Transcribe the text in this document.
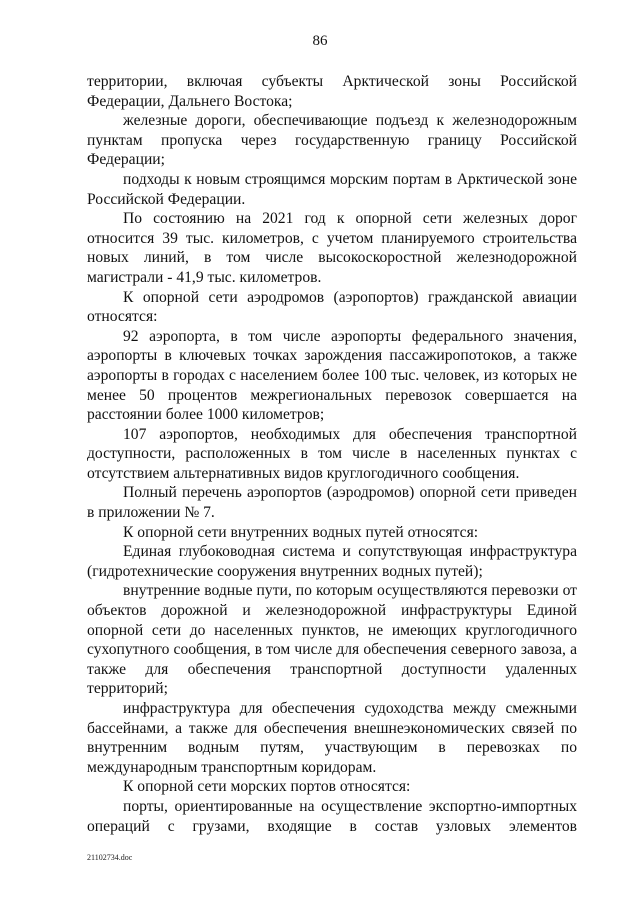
86

территории, включая субъекты Арктической зоны Российской Федерации, Дальнего Востока;

железные дороги, обеспечивающие подъезд к железнодорожным пунктам пропуска через государственную границу Российской Федерации;

подходы к новым строящимся морским портам в Арктической зоне Российской Федерации.

По состоянию на 2021 год к опорной сети железных дорог относится 39 тыс. километров, с учетом планируемого строительства новых линий, в том числе высокоскоростной железнодорожной магистрали - 41,9 тыс. километров.

К опорной сети аэродромов (аэропортов) гражданской авиации относятся:

92 аэропорта, в том числе аэропорты федерального значения, аэропорты в ключевых точках зарождения пассажиропотоков, а также аэропорты в городах с населением более 100 тыс. человек, из которых не менее 50 процентов межрегиональных перевозок совершается на расстоянии более 1000 километров;

107 аэропортов, необходимых для обеспечения транспортной доступности, расположенных в том числе в населенных пунктах с отсутствием альтернативных видов круглогодичного сообщения.

Полный перечень аэропортов (аэродромов) опорной сети приведен в приложении № 7.

К опорной сети внутренних водных путей относятся:

Единая глубоководная система и сопутствующая инфраструктура (гидротехнические сооружения внутренних водных путей);

внутренние водные пути, по которым осуществляются перевозки от объектов дорожной и железнодорожной инфраструктуры Единой опорной сети до населенных пунктов, не имеющих круглогодичного сухопутного сообщения, в том числе для обеспечения северного завоза, а также для обеспечения транспортной доступности удаленных территорий;

инфраструктура для обеспечения судоходства между смежными бассейнами, а также для обеспечения внешнеэкономических связей по внутренним водным путям, участвующим в перевозках по международным транспортным коридорам.

К опорной сети морских портов относятся:

порты, ориентированные на осуществление экспортно-импортных операций с грузами, входящие в состав узловых элементов

21102734.doc
